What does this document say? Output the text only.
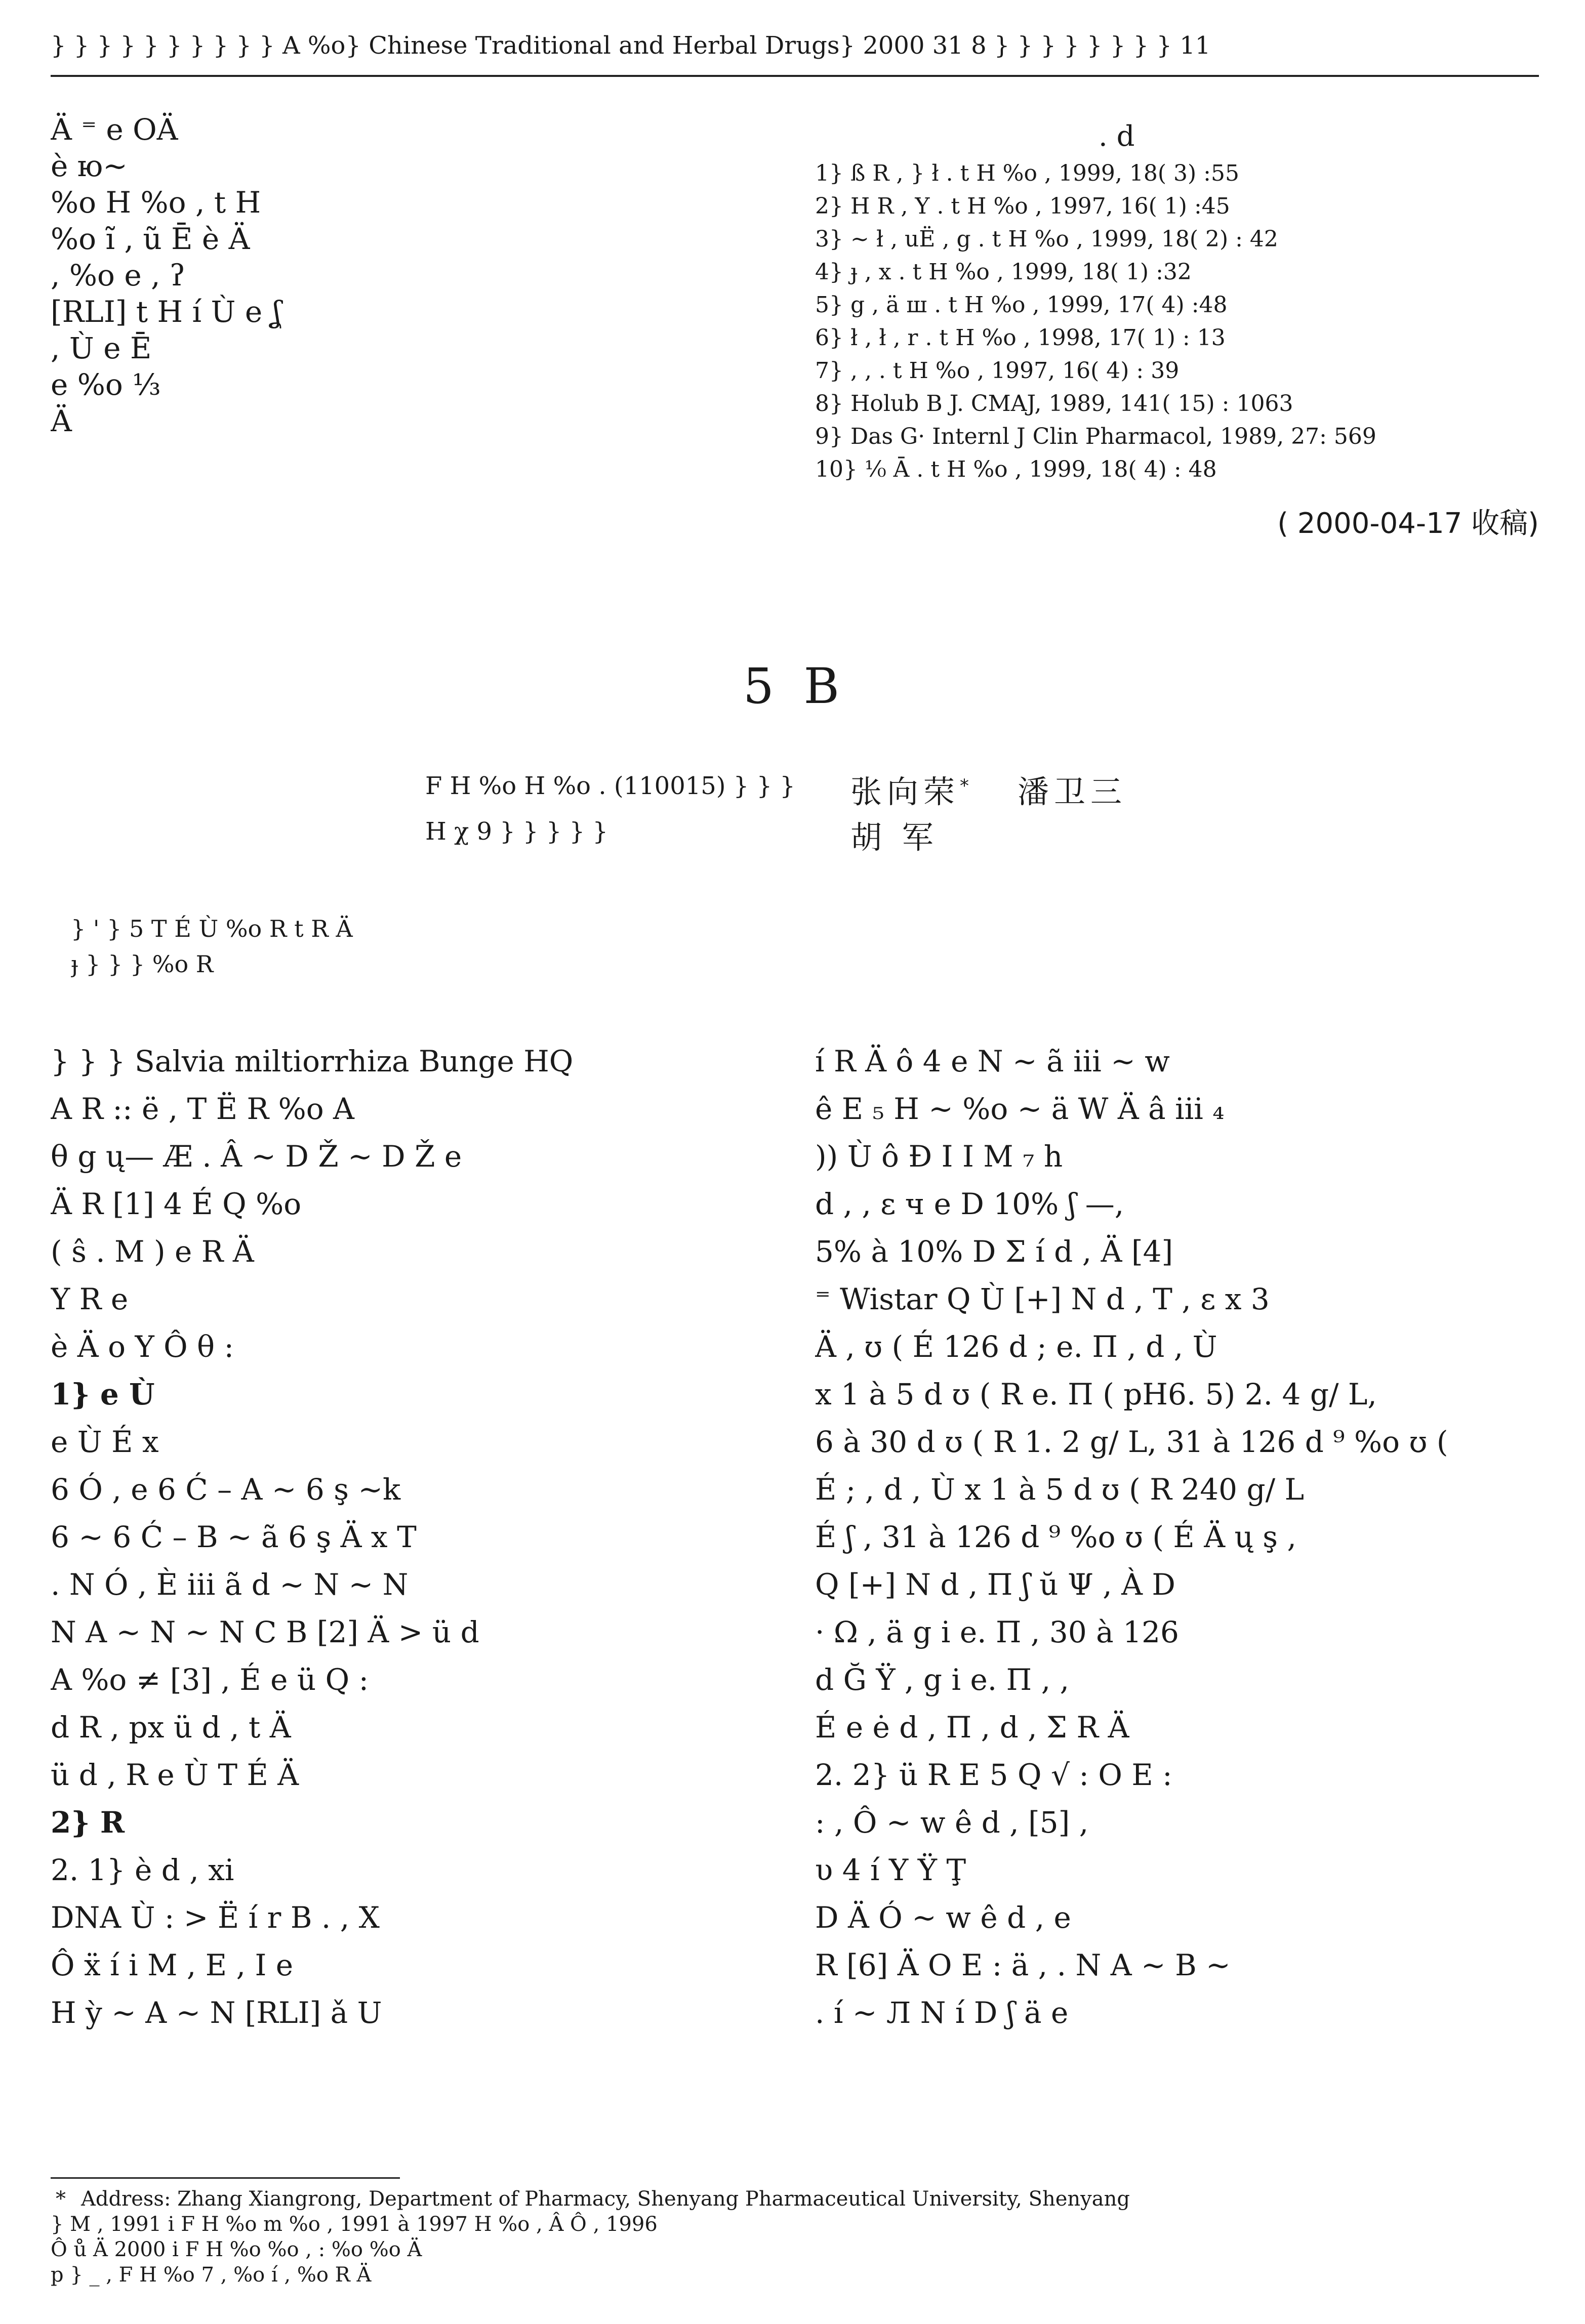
} } } } } } } } } } A %o} Chinese Traditional and Herbal Drugs} 2000 31 8 } } } } } } } } 11

Ä ⁼ e OÄ

è ю~

%o H %o , t H

%o ĩ , ũ Ē è Ä

, %o e , ʔ

[RLI] t H í Ù e ʆ

, Ù e Ē

e %o ⅓

Ä

. d

1} ß R , } ł . t H %o , 1999, 18( 3) :55

2} H R , Y . t H %o , 1997, 16( 1) :45

3} ~ ł , uË , g . t H %o , 1999, 18( 2) : 42

4} ɟ , x . t H %o , 1999, 18( 1) :32

5} g , ä ш . t H %o , 1999, 17( 4) :48

6} ł , ł , r . t H %o , 1998, 17( 1) : 13

7} , , . t H %o , 1997, 16( 4) : 39

8} Holub B J. CMAJ, 1989, 141( 15) : 1063

9} Das G· Internl J Clin Pharmacol, 1989, 27: 569

10} ⅟₀ Ā . t H %o , 1999, 18( 4) : 48

( 2000-04-17 收稿)
5 B
F H %o H %o . (110015) } } }	张向荣* 潘卫三
H χ 9 } } } } }	胡 军

} ' } 5 T É Ù %o R t R Ä

ɟ } } } %o R

} } } Salvia miltiorrhiza Bunge HQ

A R :: ë , T Ë R %o A

θ g ų— Æ . Â ~ D Ž ~ D Ž e

Ä R [1] 4 É Q %o

( ŝ . M ) e R Ä

Y R e

è Ä o Y Ô θ :

1} e Ù

e Ù É x

6 Ó , e 6 Ć – A ~ 6 ş ~k

6 ~ 6 Ć – B ~ ã 6 ş Ä x T

. N Ó , È iii ã d ~ N ~ N

N A ~ N ~ N C B [2] Ä > ü d

A %o ≠ [3] , É e ü Q :

d R , px ü d , t Ä

ü d , R e Ù T É Ä

2} R

2. 1} è d , xi

DNA Ù : > Ë í r B . , X

Ô ẍ í i M , E , I e

H ỳ ~ A ~ N [RLI] ǎ U

í R Ä ô 4 e N ~ ã iii ~ w

ê E ₅ H ~ %o ~ ä W Ä â iii ₄

)) Ù ô Ð I I M ₇ h

d , , ε ч e D 10% ʃ —,

5% à 10% D Σ í d , Ä [4]

⁼ Wistar Q Ù [+] N d , T , ε x 3

Ä , ʊ ( É 126 d ; e. Π , d , Ù

x 1 à 5 d ʊ ( R e. Π ( pH6. 5) 2. 4 g/ L,

6 à 30 d ʊ ( R 1. 2 g/ L, 31 à 126 d ⁹ %o ʊ (

É ; , d , Ù x 1 à 5 d ʊ ( R 240 g/ L

É ʃ , 31 à 126 d ⁹ %o ʊ ( É Ä ų ş ,

Q [+] N d , Π ʃ ŭ Ψ , À D

· Ω , ä g i e. Π , 30 à 126

d Ğ Ÿ , g i e. Π , ,

É e ė d , Π , d , Σ R Ä

2. 2} ü R E 5 Q √ : O E :

: , Ô ~ w ê d , [5] ,

υ 4 í Y Ÿ Ţ

D Ä Ó ~ w ê d , e

R [6] Ä O E : ä , . N A ~ B ~

. í ~ Л N í D ʃ ä e

* Address: Zhang Xiangrong, Department of Pharmacy, Shenyang Pharmaceutical University, Shenyang

} M , 1991 i F H %o m %o , 1991 à 1997 H %o , Â Ô , 1996

Ô ů Ä 2000 i F H %o %o , : %o %o Ä

p } _ , F H %o 7 , %o í , %o R Ä
